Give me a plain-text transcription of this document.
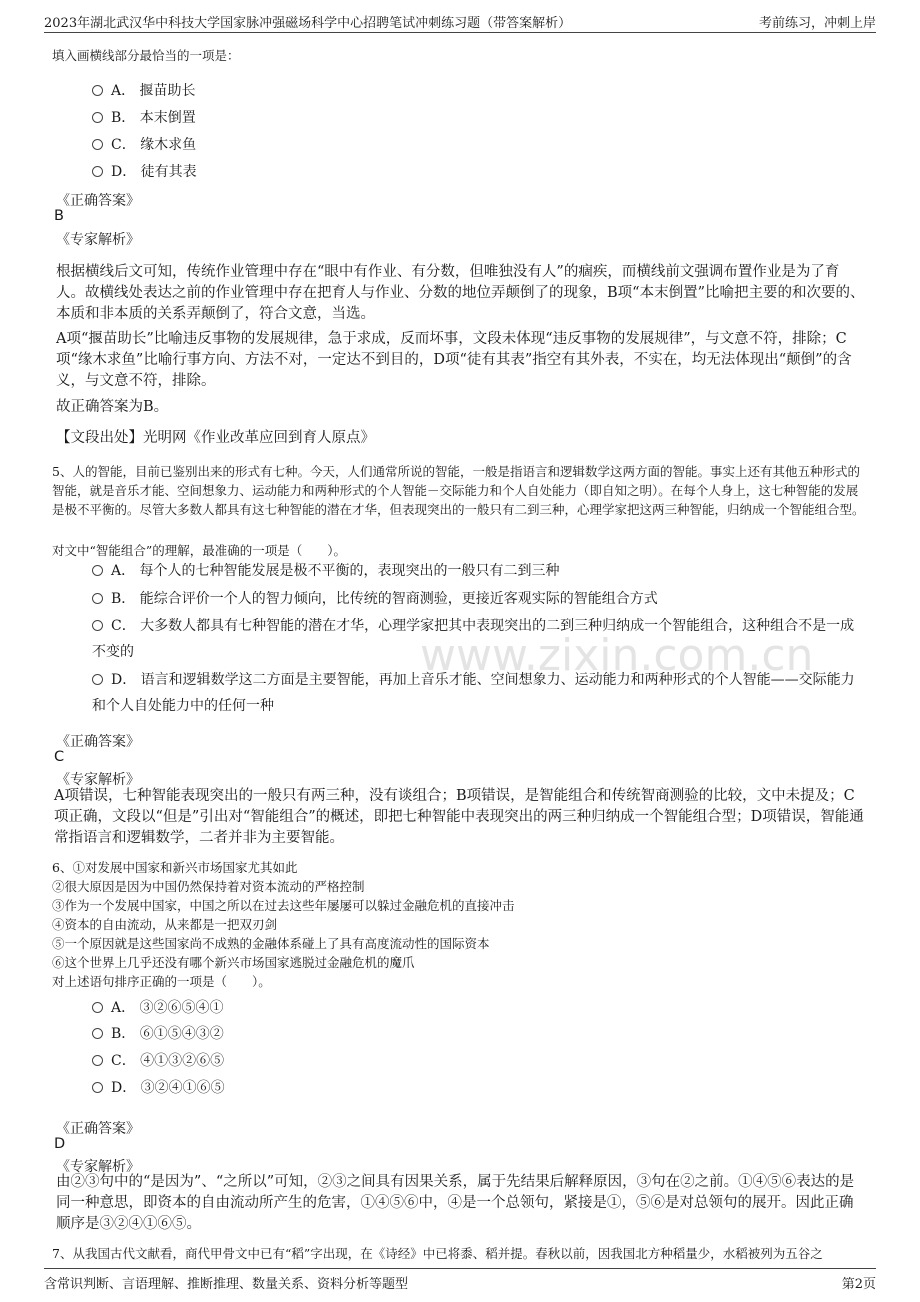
2023年湖北武汉华中科技大学国家脉冲强磁场科学中心招聘笔试冲刺练习题（带答案解析）	考前练习，冲刺上岸
www.zixin.com.cn
填入画横线部分最恰当的一项是：
A． 揠苗助长
B． 本末倒置
C． 缘木求鱼
D． 徒有其表
《正确答案》
B
《专家解析》
根据横线后文可知，传统作业管理中存在“眼中有作业、有分数，但唯独没有人”的痼疾，而横线前文强调布置作业是为了育人。故横线处表达之前的作业管理中存在把育人与作业、分数的地位弄颠倒了的现象，B项“本末倒置”比喻把主要的和次要的、本质和非本质的关系弄颠倒了，符合文意，当选。
A项“揠苗助长”比喻违反事物的发展规律，急于求成，反而坏事，文段未体现“违反事物的发展规律”，与文意不符，排除；C项“缘木求鱼”比喻行事方向、方法不对，一定达不到目的，D项“徒有其表”指空有其外表，不实在，均无法体现出“颠倒”的含义，与文意不符，排除。
故正确答案为B。
【文段出处】光明网《作业改革应回到育人原点》
5、人的智能，目前已鉴别出来的形式有七种。今天，人们通常所说的智能，一般是指语言和逻辑数学这两方面的智能。事实上还有其他五种形式的智能，就是音乐才能、空间想象力、运动能力和两种形式的个人智能－交际能力和个人自处能力（即自知之明）。在每个人身上，这七种智能的发展是极不平衡的。尽管大多数人都具有这七种智能的潜在才华，但表现突出的一般只有二到三种，心理学家把这两三种智能，归纳成一个智能组合型。
对文中“智能组合”的理解，最准确的一项是（　　）。
A． 每个人的七种智能发展是极不平衡的，表现突出的一般只有二到三种
B． 能综合评价一个人的智力倾向，比传统的智商测验，更接近客观实际的智能组合方式
C． 大多数人都具有七种智能的潜在才华，心理学家把其中表现突出的二到三种归纳成一个智能组合，这种组合不是一成不变的
D． 语言和逻辑数学这二方面是主要智能，再加上音乐才能、空间想象力、运动能力和两种形式的个人智能——交际能力和个人自处能力中的任何一种
《正确答案》
C
《专家解析》
A项错误，七种智能表现突出的一般只有两三种，没有谈组合；B项错误，是智能组合和传统智商测验的比较，文中未提及；C项正确，文段以“但是”引出对“智能组合”的概述，即把七种智能中表现突出的两三种归纳成一个智能组合型；D项错误，智能通常指语言和逻辑数学，二者并非为主要智能。
6、①对发展中国家和新兴市场国家尤其如此
②很大原因是因为中国仍然保持着对资本流动的严格控制
③作为一个发展中国家，中国之所以在过去这些年屡屡可以躲过金融危机的直接冲击
④资本的自由流动，从来都是一把双刃剑
⑤一个原因就是这些国家尚不成熟的金融体系碰上了具有高度流动性的国际资本
⑥这个世界上几乎还没有哪个新兴市场国家逃脱过金融危机的魔爪
对上述语句排序正确的一项是（　　）。
A． ③②⑥⑤④①
B． ⑥①⑤④③②
C． ④①③②⑥⑤
D． ③②④①⑥⑤
《正确答案》
D
《专家解析》
由②③句中的“是因为”、“之所以”可知，②③之间具有因果关系，属于先结果后解释原因，③句在②之前。①④⑤⑥表达的是同一种意思，即资本的自由流动所产生的危害，①④⑤⑥中，④是一个总领句，紧接是①，⑤⑥是对总领句的展开。因此正确顺序是③②④①⑥⑤。
7、从我国古代文献看，商代甲骨文中已有“稻”字出现，在《诗经》中已将黍、稻并提。春秋以前，因我国北方种稻量少，水稻被列为五谷之
含常识判断、言语理解、推断推理、数量关系、资料分析等题型	第2页
